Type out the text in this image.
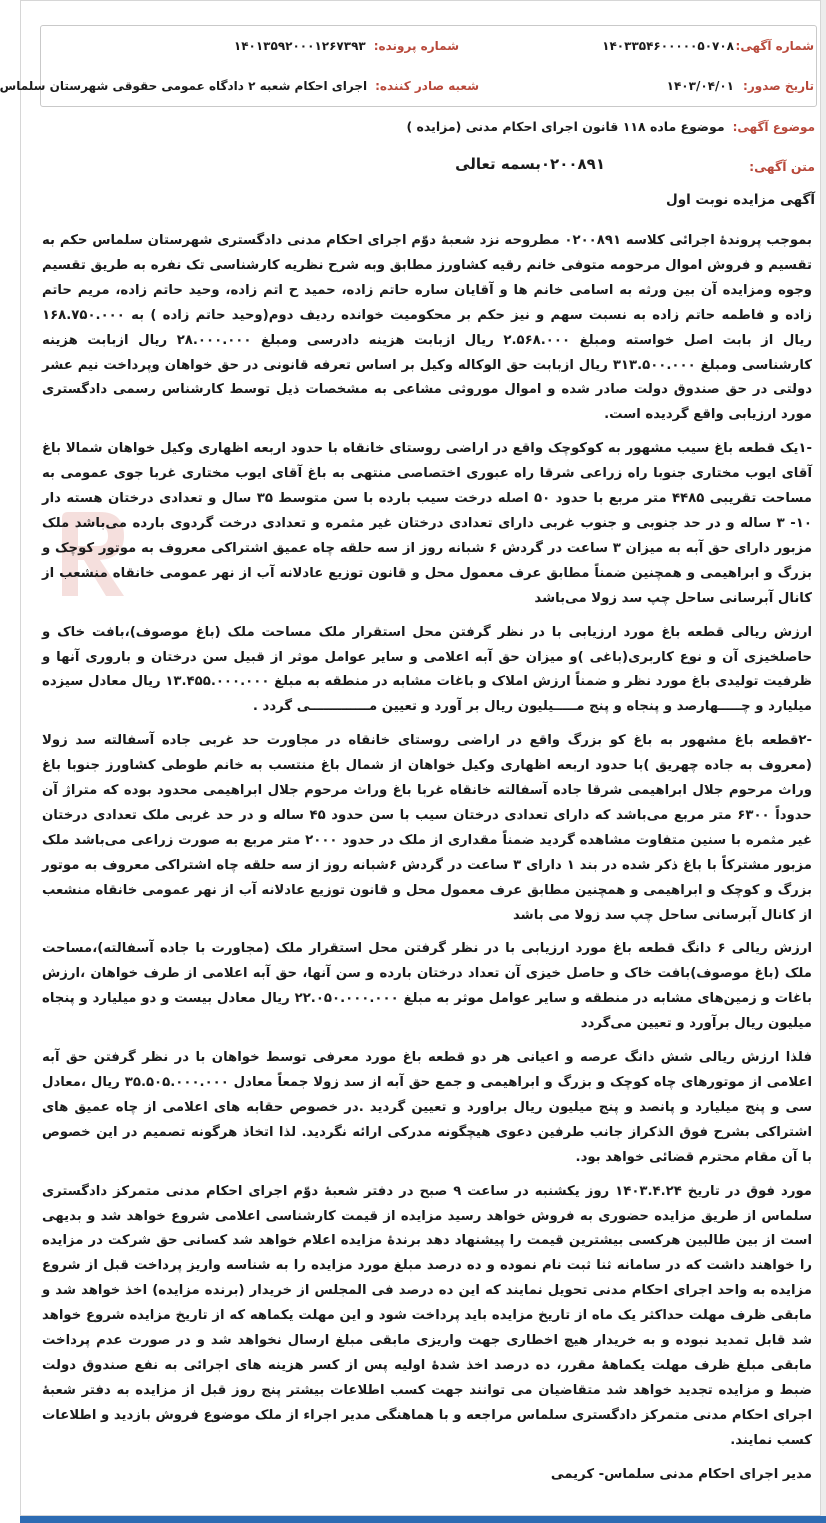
شماره آگهی:
۱۴۰۳۳۵۴۶۰۰۰۰۰۵۰۷۰۸
شماره پرونده:
۱۴۰۱۳۵۹۲۰۰۰۱۲۶۷۳۹۳
تاریخ صدور:
۱۴۰۳/۰۴/۰۱
شعبه صادر کننده:
اجرای احکام شعبه ۲ دادگاه عمومی حقوقی شهرستان سلماس
موضوع آگهی:
موضوع ماده ۱۱۸ قانون اجرای احکام مدنی (مزایده )
متن آگهی:
۰۲۰۰۸۹۱بسمه تعالی
آگهی مزایده نوبت اول

بموجب پروندۀ اجرائی کلاسه ۰۲۰۰۸۹۱ مطروحه نزد شعبۀ دوّم اجرای احکام مدنی دادگستری شهرستان سلماس حکم به تقسیم و فروش اموال مرحومه متوفی خانم رقیه کشاورز مطابق وبه شرح نظریه کارشناسی تک نفره به طریق تقسیم وجوه ومزایده آن بین ورثه به اسامی خانم ها و آقایان ساره حاتم زاده، حمید ح اتم زاده، وحید حاتم زاده، مریم حاتم زاده و فاطمه حاتم زاده به نسبت سهم و نیز حکم بر محکومیت خوانده ردیف دوم(وحید حاتم زاده ) به ۱۶۸.۷۵۰.۰۰۰ ریال از بابت اصل خواسته ومبلغ ۲.۵۶۸.۰۰۰ ریال ازبابت هزینه دادرسی ومبلغ ۲۸.۰۰۰.۰۰۰ ریال ازبابت هزینه کارشناسی ومبلغ ۳۱۳.۵۰۰.۰۰۰ ریال ازبابت حق الوکاله وکیل بر اساس تعرفه قانونی در حق خواهان وپرداخت نیم عشر دولتی در حق صندوق دولت صادر شده و اموال موروثی مشاعی به مشخصات ذیل توسط کارشناس رسمی دادگستری مورد ارزیابی واقع گردیده است.

-۱یک قطعه باغ سیب مشهور به کوکوچک واقع در اراضی روستای خانقاه با حدود اربعه اظهاری وکیل خواهان شمالا باغ آقای ایوب مختاری جنوبا راه زراعی شرقا راه عبوری اختصاصی منتهی به باغ آقای ایوب مختاری غربا جوی عمومی به مساحت تقریبی ۴۴۸۵ متر مربع با حدود ۵۰ اصله درخت سیب بارده با سن متوسط ۳۵ سال و تعدادی درختان هسته دار ۱۰- ۳ ساله و در حد جنوبی و جنوب غربی دارای تعدادی درختان غیر مثمره و تعدادی درخت گردوی بارده می‌باشد ملک مزبور دارای حق آبه به میزان ۳ ساعت در گردش ۶ شبانه روز از سه حلقه چاه عمیق اشتراکی معروف به موتور کوچک و بزرگ و ابراهیمی و همچنین ضمناً مطابق عرف معمول محل و قانون توزیع عادلانه آب از نهر عمومی خانقاه منشعب از کانال آبرسانی ساحل چپ سد زولا می‌باشد

ارزش ریالی قطعه باغ مورد ارزیابی با در نظر گرفتن محل استقرار ملک مساحت ملک (باغ موصوف)،بافت خاک و حاصلخیزی آن و نوع کاربری(باغی )و میزان حق آبه اعلامی و سایر عوامل موثر از قبیل سن درختان و باروری آنها و ظرفیت تولیدی باغ مورد نظر و ضمناً ارزش املاک و باغات مشابه در منطقه به مبلغ ۱۳.۴۵۵.۰۰۰.۰۰۰ ریال معادل سیزده میلیارد و چـــــهارصد و پنجاه و پنج مـــــیلیون ریال بر آورد و تعیین مـــــــــــــی گردد .

-۲قطعه باغ مشهور به باغ کو بزرگ واقع در اراضی روستای خانقاه در مجاورت حد غربی جاده آسفالته سد زولا (معروف به جاده چهریق )با حدود اربعه اظهاری وکیل خواهان از شمال باغ منتسب به خانم طوطی کشاورز جنوبا باغ وراث مرحوم جلال ابراهیمی شرقا جاده آسفالته خانقاه غربا باغ وراث مرحوم جلال ابراهیمی محدود بوده که متراژ آن حدوداً ۶۳۰۰ متر مربع می‌باشد که دارای تعدادی درختان سیب با سن حدود ۴۵ ساله و در حد غربی ملک تعدادی درختان غیر مثمره با سنین متفاوت مشاهده گردید ضمناً مقداری از ملک در حدود ۲۰۰۰ متر مربع به صورت زراعی می‌باشد ملک مزبور مشترکاً با باغ ذکر شده در بند ۱ دارای ۳ ساعت در گردش ۶شبانه روز از سه حلقه چاه اشتراکی معروف به موتور بزرگ و کوچک و ابراهیمی و همچنین مطابق عرف معمول محل و قانون توزیع عادلانه آب از نهر عمومی خانقاه منشعب از کانال آبرسانی ساحل چپ سد زولا می باشد

ارزش ریالی ۶ دانگ قطعه باغ مورد ارزیابی با در نظر گرفتن محل استقرار ملک (مجاورت با جاده آسفالته)،مساحت ملک (باغ موصوف)بافت خاک و حاصل خیزی آن تعداد درختان بارده و سن آنها، حق آبه اعلامی از طرف خواهان ،ارزش باغات و زمین‌های مشابه در منطقه و سایر عوامل موثر به مبلغ ۲۲.۰۵۰.۰۰۰.۰۰۰ ریال معادل بیست و دو میلیارد و پنجاه میلیون ریال برآورد و تعیین می‌گردد

فلذا ارزش ریالی شش دانگ عرصه و اعیانی هر دو قطعه باغ مورد معرفی توسط خواهان با در نظر گرفتن حق آبه اعلامی از موتورهای چاه کوچک و بزرگ و ابراهیمی و جمع حق آبه از سد زولا جمعاً معادل ۳۵.۵۰۵.۰۰۰.۰۰۰ ریال ،معادل سی و پنج میلیارد و پانصد و پنج میلیون ریال براورد و تعیین گردید .در خصوص حقابه های اعلامی از چاه عمیق های اشتراکی بشرح فوق الذکراز جانب طرفین دعوی هیچگونه مدرکی ارائه نگردید. لذا اتخاذ هرگونه تصمیم در این خصوص با آن مقام محترم قضائی خواهد بود.

مورد فوق در تاریخ ۱۴۰۳.۴.۲۴ روز یکشنبه در ساعت ۹ صبح در دفتر شعبۀ دوّم اجرای احکام مدنی متمرکز دادگستری سلماس از طریق مزایده حضوری به فروش خواهد رسید مزایده از قیمت کارشناسی اعلامی شروع خواهد شد و بدیهی است از بین طالبین هرکسی بیشترین قیمت را پیشنهاد دهد برندۀ مزایده اعلام خواهد شد کسانی حق شرکت در مزایده را خواهند داشت که در سامانه ثنا ثبت نام نموده و ده درصد مبلغ مورد مزایده را به شناسه واریز پرداخت قبل از شروع مزایده به واحد اجرای احکام مدنی تحویل نمایند که این ده درصد فی المجلس از خریدار (برنده مزایده) اخذ خواهد شد و مابقی ظرف مهلت حداکثر یک ماه از تاریخ مزایده باید پرداخت شود و این مهلت یکماهه که از تاریخ مزایده شروع خواهد شد قابل تمدید نبوده و به خریدار هیچ اخطاری جهت واریزی مابقی مبلغ ارسال نخواهد شد و در صورت عدم پرداخت مابقی مبلغ ظرف مهلت یکماهۀ مقرر، ده درصد اخذ شدۀ اولیه پس از کسر هزینه های اجرائی به نفع صندوق دولت ضبط و مزایده تجدید خواهد شد متقاضیان می توانند جهت کسب اطلاعات بیشتر پنج روز قبل از مزایده به دفتر شعبۀ اجرای احکام مدنی متمرکز دادگستری سلماس مراجعه و با هماهنگی مدیر اجراء از ملک موضوع فروش بازدید و اطلاعات کسب نمایند.

مدیر اجرای احکام مدنی سلماس- کریمی
